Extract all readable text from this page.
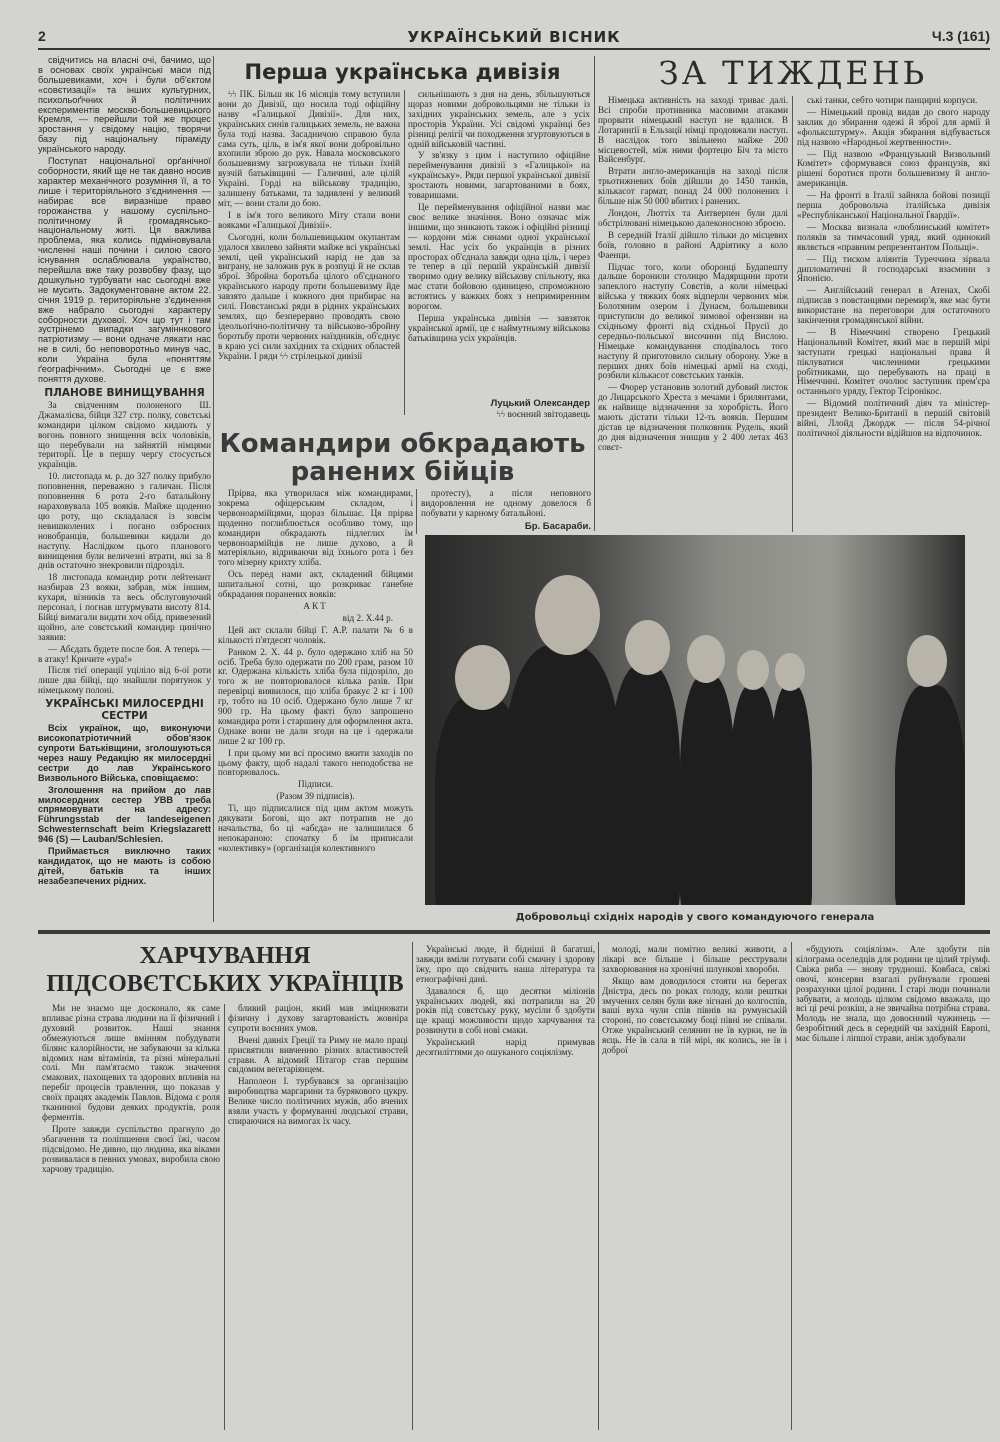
2	УКРАЇНСЬКИЙ ВІСНИК	Ч.3 (161)

свідчитись на власні очі, бачимо, що в основах своїх українські маси під большевиками, хоч і були об'єктом «совєтизації» та інших культурних, психольоґічних й політичних експериментів москво-большевицького Кремля, — перейшли той же процес зростання у свідому націю, творячи базу під національну піраміду українського народу.

Поступат національної орґанічної соборности, який ще не так давно носив характер механічного розуміння її, а то лише і територіяльного з'єднинення — набирає все виразніше право горожанства у нашому суспільно-політичному й громадянсько-національному житі. Ця важлива проблема, яка колись підміновувала численні наші почини і силою свого існування ослаблювала українство, перейшла вже таку розвобву фазу, що дошкульно турбувати нас сьогодні вже не мусить. Задокументоване актом 22. січня 1919 р. територіяльне з'єдинення вже набрало сьогодні характеру соборности духової. Хоч що тут і там зустрінемо випадки загуміннкового патріотизму — вони одначе лякати нас не в силі, бо неповоротньо минув час, коли Україна була «поняттям ґеографічним». Сьогодні це є вже поняття духове.

ПЛАНОВЕ ВИНИЩУВАННЯ

За свідченням полоненого Ш. Джамалієва, бійця 327 стр. полку, совєтські командири цілком свідомо кидають у вогонь повного знищення всіх чоловіків, що перебували на зайнятій німцями території. Це в першу чергу стосується українців.

10. листопада м. р. до 327 полку прибуло поповнення, переважно з галичан. Після поповнення 6 рота 2-го батальйону нараховувала 105 вояків. Майже щоденно цю роту, що складалася із зовсім невишколених і погано озброєних новобранців, большевики кидали до наступу. Наслідком цього планового винищення були величезні втрати, які за 8 днів остаточно знекровили підрозділ.

18 листопада командир роти лейтенант назбирав 23 вояки, забрав, між іншим, кухаря, візників та весь обслуговуючий персонал, і погнав штурмувати висоту 814. Бійці вимагали видати хоч обід, привезений щойно, але совєтський командир цинічно заявив:

— Абєдать будете после боя. А теперь — в атаку! Кричите «ура!»

Після тієї операції уціліло від 6-ої роти лише два бійці, що знайшли порятунок у німецькому полоні.

УКРАЇНСЬКІ МИЛОСЕРДНІ СЕСТРИ

Всіх українок, що, виконуючи високопатріотичний обов'язок супроти Батьківщини, зголошуються через нашу Редакцію як милосердні сестри до лав Українського Визвольного Війська, сповіщаємо:

Зголошення на прийом до лав милосердних сестер УВВ треба спрямовувати на адресу: Führungsstab der landeseigenen Schwesternschaft beim Kriegslazarett 946 (S) — Lauban/Schlesien.

Приймається виключно таких кандидаток, що не мають із собою дітей, батьків та інших незабезпечених рідних.

Перша українська дивізія

ϟϟ ПК. Більш як 16 місяців тому вступили вони до Дивізії, що носила тоді офіційну назву «Галицької Дивізії». Для них, українських синів галицьких земель, не важна була тоді назва. Засадничою справою була сама суть, ціль, в ім'я якої вони добровільно вхопили зброю до рук. Навала московського большевизму загрожувала не тільки їхній вузчій батьківщині — Галичині, але цілій Україні. Горді на військову традицію, залишену батьками, та задивлені у великий міт, — вони стали до бою.

І в ім'я того великого Міту стали вони вояками «Галицької Дивізії».

Сьогодні, коли большевицьким окупантам удалося хвилево зайняти майже всі українські землі, цей український нарід не дав за виграну, не заложив рук в розпуці й не склав зброї. Збройна боротьба цілого об'єднаного українського народу проти большевизму йде завзято дальше і кожного дня прибирає на силі. Повстанські ряди в рідних українських землях, що безперервно проводять свою ідеольоґічно-політичну та військово-збройну боротьбу проти червоних наїздників, об'єднує в краю усі сили західних та східних областей України. І ряди ϟϟ стрілецької дивізії

сильнішають з дня на день, збільшуються щораз новими добровольцями не тільки із західних українських земель, але з усіх просторів України. Усі свідомі українці без різниці релігії чи походження згуртовуються в одній військовій частині.

У зв'язку з цим і наступило офіційне перейменування дивізії з «Галицької» на «українську». Ряди першої української дивізії зростають новими, загартованими в боях, товаришами.

Це перейменування офіційної назви має своє велике значіння. Воно означає між іншими, що зникають також і офіційні різниці — кордони між синами одної української землі. Нас усіх бо українців в різних просторах об'єднала завжди одна ціль, і через те тепер в ції першій українській дивізії творимо одну велику військову спільноту, яка має стати бойовою одиницею, спроможною встоятись у важких боях з непримиренним ворогом.

Перша українська дивізія — завзяток української армії, це є наймутньому військова батьківщина усіх українців.

Луцький Олександер
ϟϟ воєнний звітодавець
Командири обкрадають
ранених бійців

Прірва, яка утворилася між командирами, зокрема офіцерським складом, і червоноармійцями, щораз більшає. Ця прірва щоденно поглиблюється особливо тому, що командири обкрадають підлеглих їм червоноармійців не лише духово, а й матеріяльно, відриваючи від їхнього рота і без того мізерну крихту хліба.

Ось перед нами акт, складений бійцями шпитальної сотні, що розкриває ганебне обкрадання поранених вояків:

АКТ

від 2. Х.44 р.

Цей акт склали бійці Г. А.Р. палати № 6 в кількості п'ятдесят чоловік.

Ранком 2. Х. 44 р. було одержано хліб на 50 осіб. Треба було одержати по 200 грам, разом 10 кг. Одержана кількість хліба була підозріло, до того ж не повторювалося кілька разів. При перевірці виявилося, що хліба бракує 2 кг і 100 гр, тобто на 10 осіб. Одержано було лише 7 кг 900 гр. На цьому факті було запрошено командира роти і старшину для оформлення акта. Однаке вони не дали згоди на це і одержали лише 2 кг 100 гр.

І при цьому ми всі просимо вжити заходів по цьому факту, щоб надалі такого неподобства не повторювалось.

Підписи.

(Разом 39 підписів).

Ті, що підписалися під цим актом можуть дякувати Богові, що акт потрапив не до начальства, бо ці «абєда» не залишилася б непокараною: спочатку б їм приписали «колективку» (організація колективного

протесту), а після неповного видоровлення не одному довелося б побувати у карному батальйоні.

Бр. Басараби.
ЗА ТИЖДЕНЬ

Німецька активність на заході триває далі. Всі спроби противника масовими атаками прорвати німецький наступ не вдалися. В Лотаринґії в Ельзації німці продовжали наступ. В наслідок того звільнено майже 200 місцевостей, між ними фортецю Біч та місто Вайсенбурґ.

Втрати англо-американців на заході після трьотижневих боїв дійшли до 1450 танків, кількасот гармат, понад 24 000 полонених і більше ніж 50 000 вбитих і ранених.

Лондон, Люттіх та Антверпен були далі обстрілювані німецькою далеконосною зброєю.

В середній Італії дійшло тільки до місцевих боїв, головно в районі Адріятику а коло Фаенци.

Підчас того, коли оборонці Будапешту дальше боронили столицю Мадярщини проти запеклого наступу Совєтів, а коли німецькі війська у тяжких боях відперли червоних між Болотяним озером і Дунаєм, большевики приступили до великої зимової офензиви на східньому фронті від східньої Прусії до середньо-польської височини під Вислою. Німецьке командування сподівалось того наступу й приготовило сильну оборону. Уже в перших днях боїв німецькі армії на сході, розбили кількасот совєтських танків.

— Фюрер установив золотий дубовий листок до Лицарського Хреста з мечами і брилянтами, як найвище відзначення за хоробрість. Його мають дістати тільки 12-ть вояків. Першим дістав це відзначення полковник Рудель, який до дня відзначення знищив у 2 400 летах 463 совєт-

ські танки, себто чотири панцирні корпуси.

— Німецький провід видав до свого народу заклик до збирання одежі й зброї для армії й «фольксштурму». Акція збирання відбувається під назвою «Народньої жертвенности».

— Під назвою «Французький Визвольний Комітет» сформувався союз французів, які рішені боротися проти большевизму й англо-американців.

— На фронті в Італії зайняла бойові позиції перша добровольча італійська дивізія «Республіканської Національної Ґвардії».

— Москва визнала «люблинський комітет» поляків за тимчасовий уряд, який одинокий являється «правним репрезентантом Польщі».

— Під тиском аліянтів Туреччина зірвала дипломатичні й господарські взаємини з Японією.

— Англійський генерал в Атенах, Скобі підписав з повстанцями перемир'я, яке має бути використане на переговори для остаточного закінчення громадянської війни.

— В Німеччині створено Грецький Національний Комітет, який має в першій мірі заступати грецькі національні права й піклуватися численними грецькими робітниками, що перебувають на праці в Німеччині. Комітет очолює заступник прем'єра останнього уряду, Гектор Тсіронікос.

— Відомий політичний діяч та міністер-президент Велико-Британії в першій світовій війні, Ллойд Джордж — після 54-річної політичної діяльности відійшов на відпочинок.

Добровольці східніх народів у свого командуючого генерала
ХАРЧУВАННЯ
ПІДСОВЄТСЬКИХ УКРАЇНЦІВ

Ми не знаємо ще досконало, як саме впливає різна страва людини на її фізичний і духовий розвиток. Наші знання обмежуються лише вмінням побудувати білянс калорійности, не забуваючи за кілька відомих нам вітамінів, та різні мінеральні солі. Ми пам'ятаємо також значення смакових, пахощевих та здорових впливів на перебіг процесів травлення, що показав у своїх працях академік Павлов. Відома є роля тканинної будови деяких продуктів, роля ферментів.

Проте завжди суспільство прагнуло до збагачення та поліпшення своєї їжі, часом підсвідомо. Не дивно, що людина, яка віками розвивалася в певних умовах, виробила свою харчову традицію.

бливий раціон, який мав зміцнювати фізичну і духову загартованість жовніра супроти воєнних умов.

Вчені давніх Греції та Риму не мало праці присвятили вивченню різних властивостей страви. А відомий Пітагор став першим свідомим веґетаріянцем.

Наполеон І. турбувався за організацію виробництва маргарини та бурякового цукру. Велике число політичних мужів, або вчених взяли участь у формуванні людської страви, спираючися на вимогах їх часу.

Українські люде, й бідніші й багатші, завжди вміли готувати собі смачну і здорову їжу, про що свідчить наша література та етнографічні дані.

Здавалося б, що десятки міліонів українських людей, які потрапили на 20 років під совєтську руку, мусіли б здобути ще кращі можливости щодо харчування та розвинути в собі нові смаки.

Український нарід примував десятиліттями до ошуканого соціялізму.

молоді, мали помітно великі животи, а лікарі все більше і більше реєстрували захворювання на хронічні шлункові хвороби.

Якщо вам доводилося стояти на берегах Дністра, десь по роках голоду, коли рештки змучених селян були вже зігнані до колгоспів, ваші вуха чули спів півнів на румунській стороні, по совєтському боці півні не співали. Отже український селянин не їв курки, не їв яєць. Не їв сала в тій мірі, як колись, не їв і доброї

«будують соціялізм». Але здобути пів кілограма оселедців для родини це цілий тріумф. Свіжа риба — знову трудноші. Ковбаса, свіжі овочі, консерви взагалі руйнували грошеві розрахунки цілої родини. І старі люди починали забувати, а молодь цілком свідомо вважала, що всі ці речі розкіш, а не звичайна потрібна страва. Молодь не знала, що довоєнний чужинець — безробітний десь в середній чи західній Европі, має більше і ліпшої страви, аніж здобували
